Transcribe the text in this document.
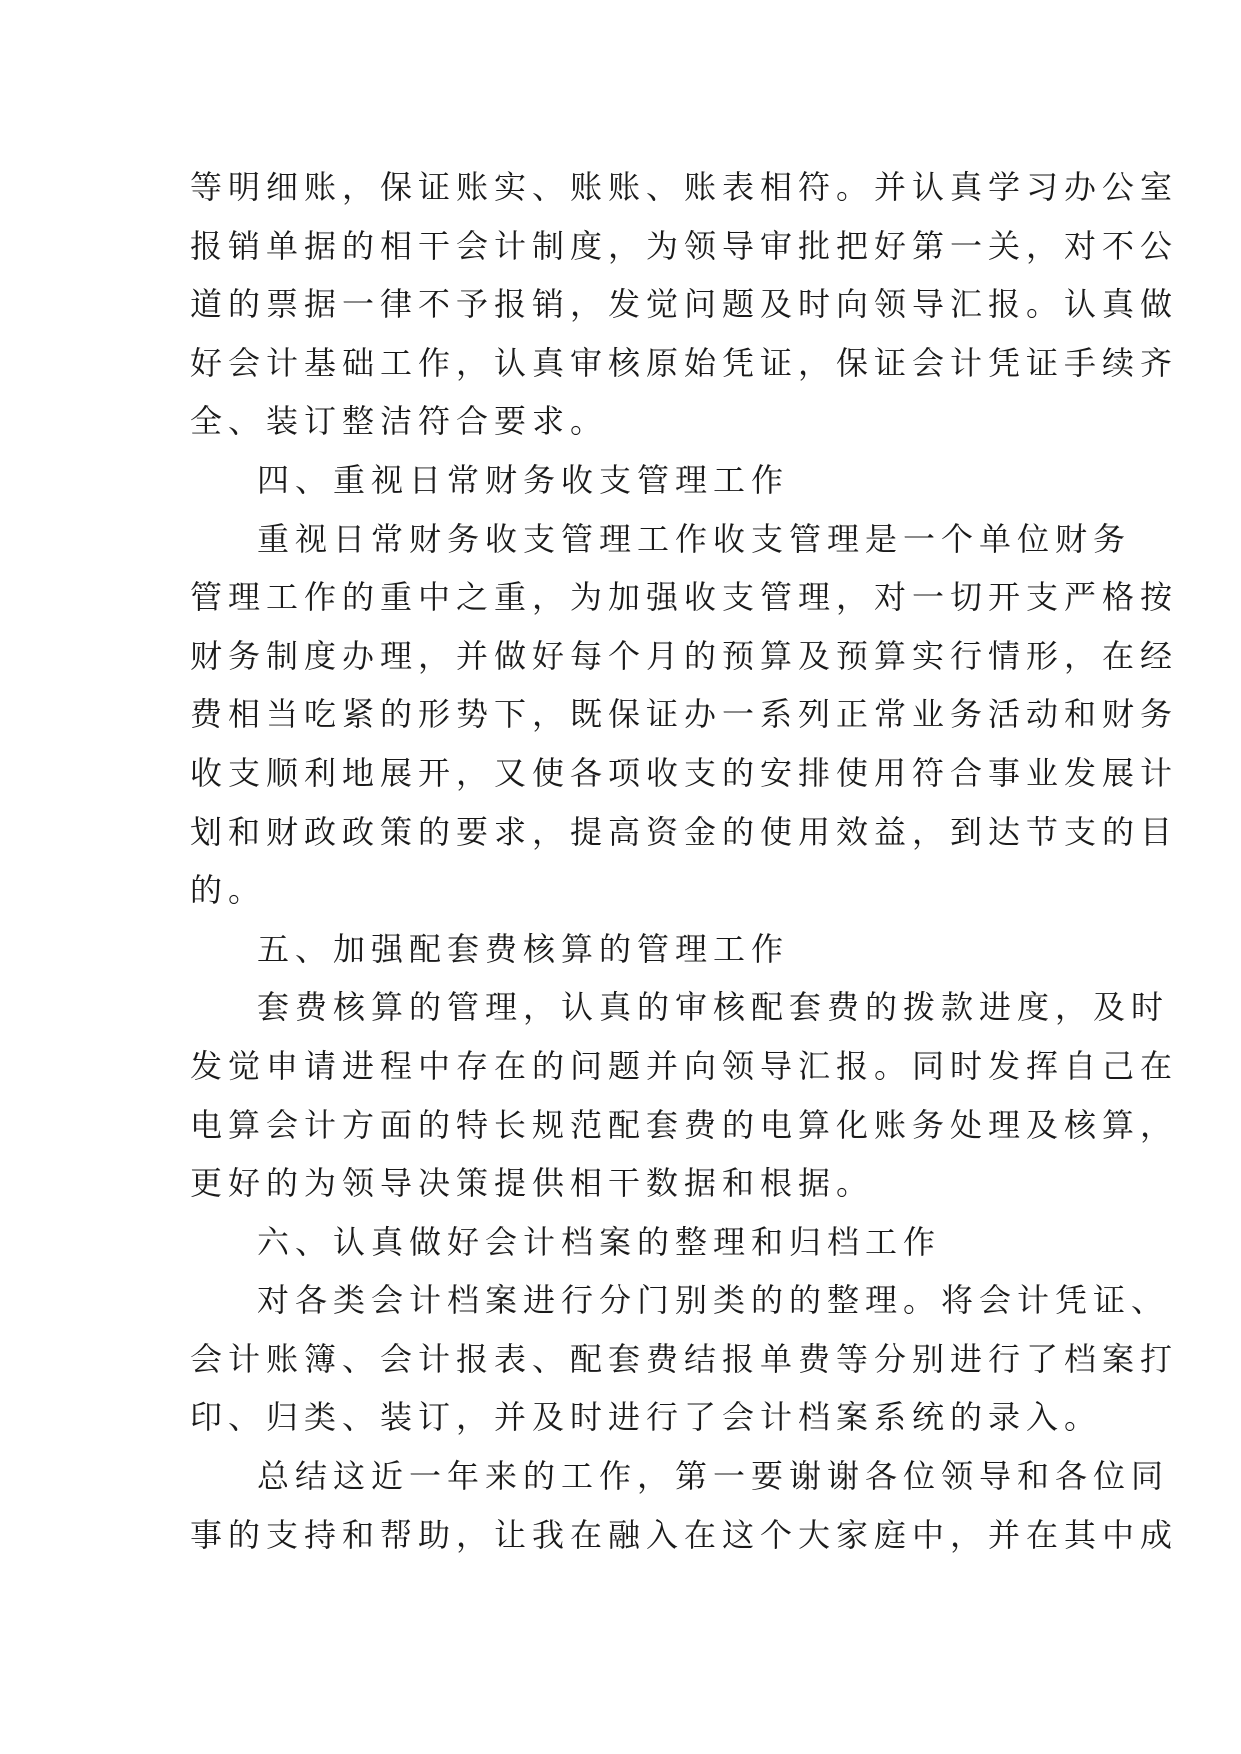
等明细账，保证账实、账账、账表相符。并认真学习办公室
报销单据的相干会计制度，为领导审批把好第一关，对不公
道的票据一律不予报销，发觉问题及时向领导汇报。认真做
好会计基础工作，认真审核原始凭证，保证会计凭证手续齐
全、装订整洁符合要求。
四、重视日常财务收支管理工作
重视日常财务收支管理工作收支管理是一个单位财务
管理工作的重中之重，为加强收支管理，对一切开支严格按
财务制度办理，并做好每个月的预算及预算实行情形，在经
费相当吃紧的形势下，既保证办一系列正常业务活动和财务
收支顺利地展开，又使各项收支的安排使用符合事业发展计
划和财政政策的要求，提高资金的使用效益，到达节支的目
的。
五、加强配套费核算的管理工作
套费核算的管理，认真的审核配套费的拨款进度，及时
发觉申请进程中存在的问题并向领导汇报。同时发挥自己在
电算会计方面的特长规范配套费的电算化账务处理及核算，
更好的为领导决策提供相干数据和根据。
六、认真做好会计档案的整理和归档工作
对各类会计档案进行分门别类的的整理。将会计凭证、
会计账簿、会计报表、配套费结报单费等分别进行了档案打
印、归类、装订，并及时进行了会计档案系统的录入。
总结这近一年来的工作，第一要谢谢各位领导和各位同
事的支持和帮助，让我在融入在这个大家庭中，并在其中成
